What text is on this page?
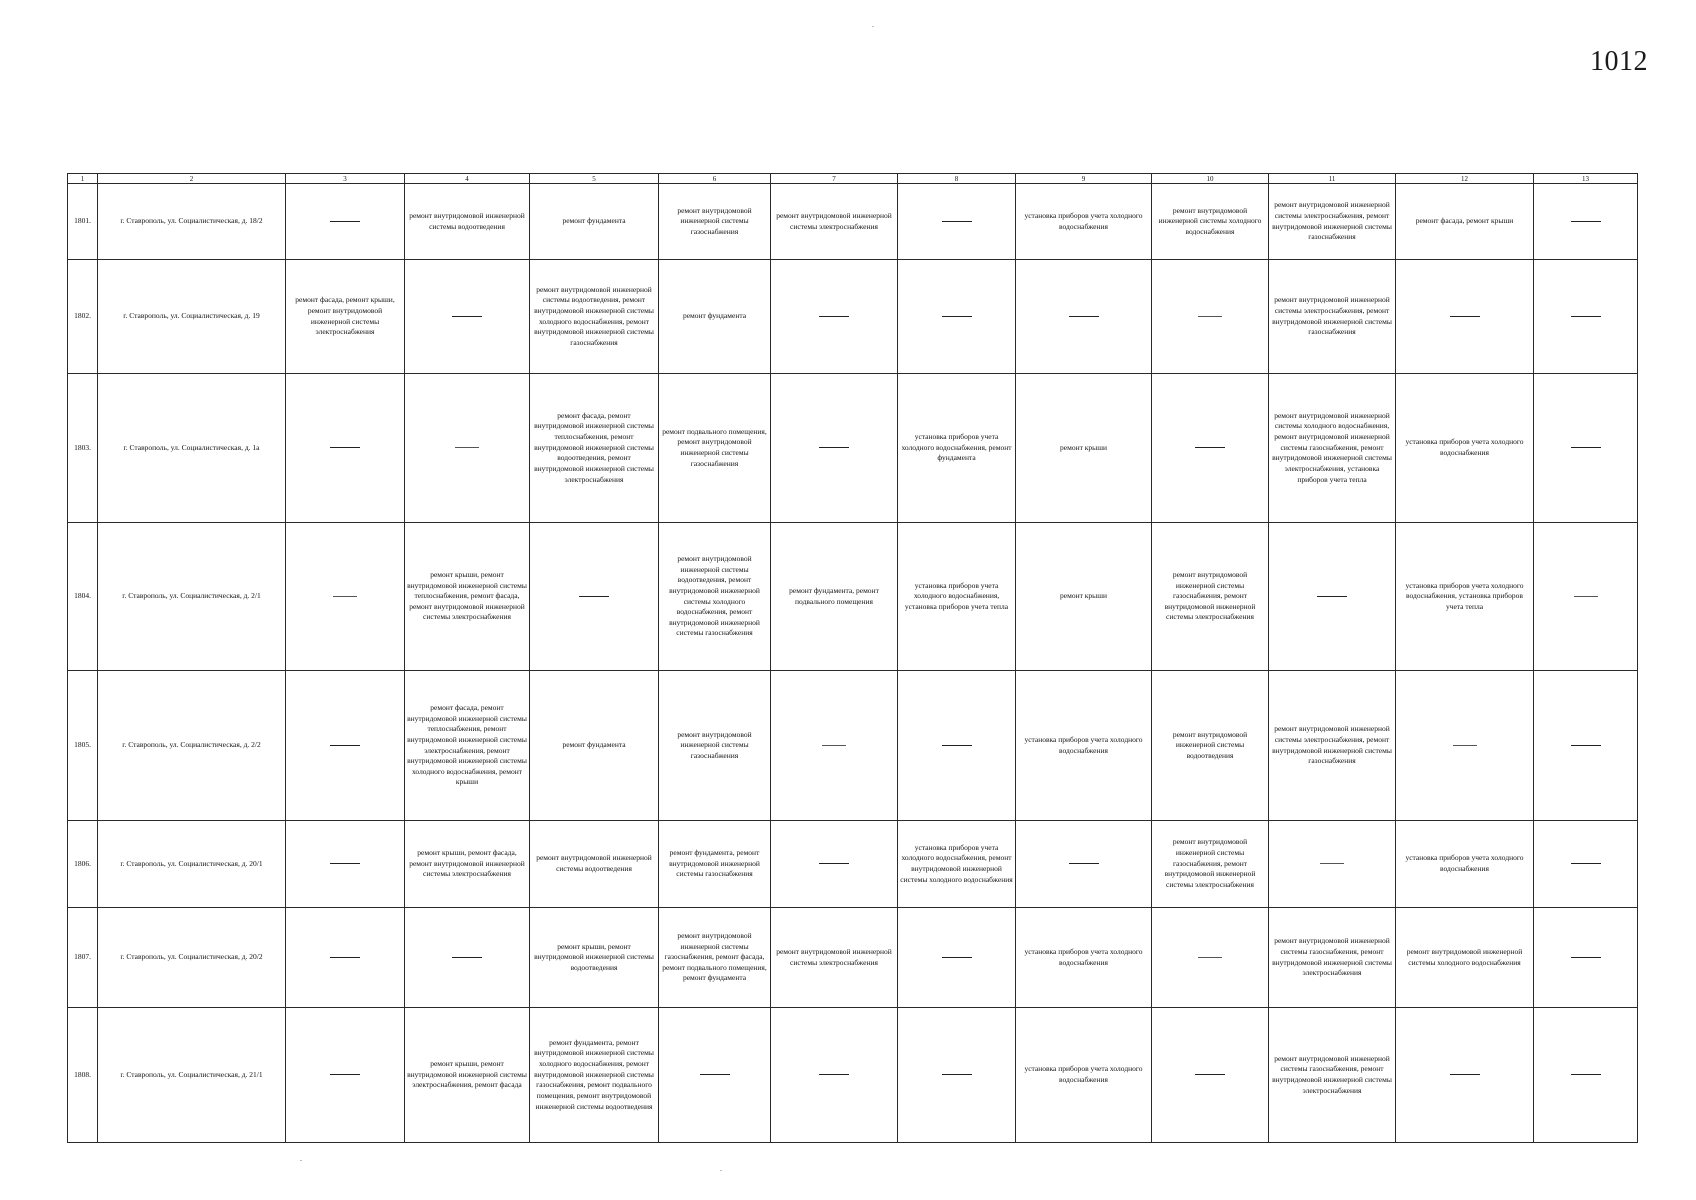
1012
1	2	3	4	5	6	7	8	9	10	11	12	13
1801.	г. Ставрополь, ул. Социалистическая, д. 18/2		ремонт внутридомовой инженерной системы водоотведения	ремонт фундамента	ремонт внутридомовой инженерной системы газоснабжения	ремонт внутридомовой инженерной системы электроснабжения		установка приборов учета холодного водоснабжения	ремонт внутридомовой инженерной системы холодного водоснабжения	ремонт внутридомовой инженерной системы электроснабжения, ремонт внутридомовой инженерной системы газоснабжения	ремонт фасада, ремонт крыши	
1802.	г. Ставрополь, ул. Социалистическая, д. 19	ремонт фасада, ремонт крыши, ремонт внутридомовой инженерной системы электроснабжения		ремонт внутридомовой инженерной системы водоотведения, ремонт внутридомовой инженерной системы холодного водоснабжения, ремонт внутридомовой инженерной системы газоснабжения	ремонт фундамента					ремонт внутридомовой инженерной системы электроснабжения, ремонт внутридомовой инженерной системы газоснабжения		
1803.	г. Ставрополь, ул. Социалистическая, д. 1а			ремонт фасада, ремонт внутридомовой инженерной системы теплоснабжения, ремонт внутридомовой инженерной системы водоотведения, ремонт внутридомовой инженерной системы электроснабжения	ремонт подвального помещения, ремонт внутридомовой инженерной системы газоснабжения		установка приборов учета холодного водоснабжения, ремонт фундамента	ремонт крыши		ремонт внутридомовой инженерной системы холодного водоснабжения, ремонт внутридомовой инженерной системы газоснабжения, ремонт внутридомовой инженерной системы электроснабжения, установка приборов учета тепла	установка приборов учета холодного водоснабжения	
1804.	г. Ставрополь, ул. Социалистическая, д. 2/1		ремонт крыши, ремонт внутридомовой инженерной системы теплоснабжения, ремонт фасада, ремонт внутридомовой инженерной системы электроснабжения		ремонт внутридомовой инженерной системы водоотведения, ремонт внутридомовой инженерной системы холодного водоснабжения, ремонт внутридомовой инженерной системы газоснабжения	ремонт фундамента, ремонт подвального помещения	установка приборов учета холодного водоснабжения, установка приборов учета тепла	ремонт крыши	ремонт внутридомовой инженерной системы газоснабжения, ремонт внутридомовой инженерной системы электроснабжения		установка приборов учета холодного водоснабжения, установка приборов учета тепла	
1805.	г. Ставрополь, ул. Социалистическая, д. 2/2		ремонт фасада, ремонт внутридомовой инженерной системы теплоснабжения, ремонт внутридомовой инженерной системы электроснабжения, ремонт внутридомовой инженерной системы холодного водоснабжения, ремонт крыши	ремонт фундамента	ремонт внутридомовой инженерной системы газоснабжения			установка приборов учета холодного водоснабжения	ремонт внутридомовой инженерной системы водоотведения	ремонт внутридомовой инженерной системы электроснабжения, ремонт внутридомовой инженерной системы газоснабжения		
1806.	г. Ставрополь, ул. Социалистическая, д. 20/1		ремонт крыши, ремонт фасада, ремонт внутридомовой инженерной системы электроснабжения	ремонт внутридомовой инженерной системы водоотведения	ремонт фундамента, ремонт внутридомовой инженерной системы газоснабжения		установка приборов учета холодного водоснабжения, ремонт внутридомовой инженерной системы холодного водоснабжения		ремонт внутридомовой инженерной системы газоснабжения, ремонт внутридомовой инженерной системы электроснабжения		установка приборов учета холодного водоснабжения	
1807.	г. Ставрополь, ул. Социалистическая, д. 20/2			ремонт крыши, ремонт внутридомовой инженерной системы водоотведения	ремонт внутридомовой инженерной системы газоснабжения, ремонт фасада, ремонт подвального помещения, ремонт фундамента	ремонт внутридомовой инженерной системы электроснабжения		установка приборов учета холодного водоснабжения		ремонт внутридомовой инженерной системы газоснабжения, ремонт внутридомовой инженерной системы электроснабжения	ремонт внутридомовой инженерной системы холодного водоснабжения	
1808.	г. Ставрополь, ул. Социалистическая, д. 21/1		ремонт крыши, ремонт внутридомовой инженерной системы электроснабжения, ремонт фасада	ремонт фундамента, ремонт внутридомовой инженерной системы холодного водоснабжения, ремонт внутридомовой инженерной системы газоснабжения, ремонт подвального помещения, ремонт внутридомовой инженерной системы водоотведения				установка приборов учета холодного водоснабжения		ремонт внутридомовой инженерной системы газоснабжения, ремонт внутридомовой инженерной системы электроснабжения		
